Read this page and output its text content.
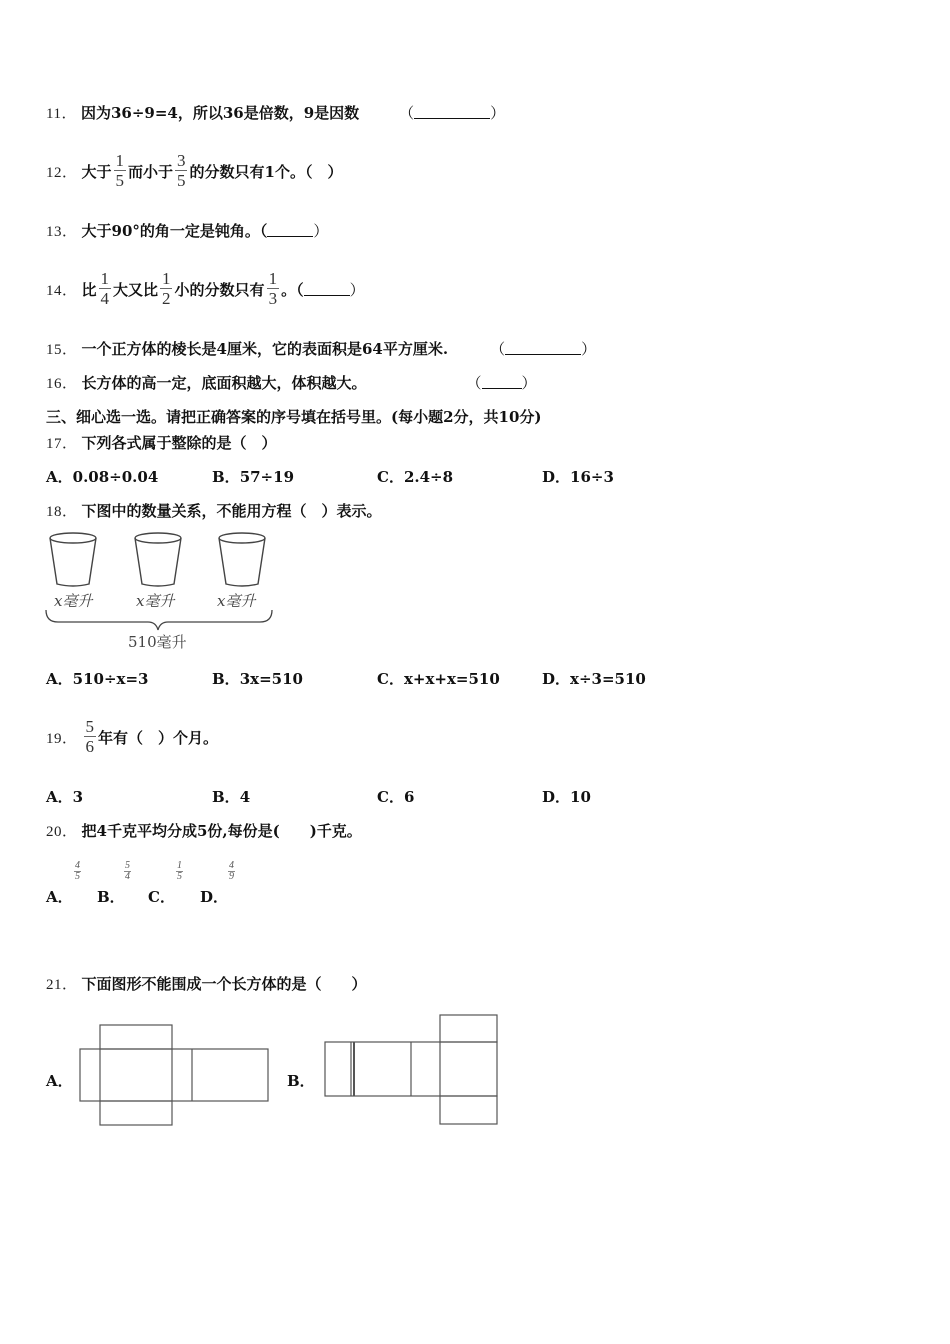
11． 因为36÷9=4，所以36是倍数，9是因数	（	）
12． 大于 $\frac{1}{5}$ 而小于 $\frac{3}{5}$ 的分数只有1个。（　）
13． 大于90°的角一定是钝角。（	）
14． 比 $\frac{1}{4}$ 大又比 $\frac{1}{2}$ 小的分数只有 $\frac{1}{3}$ 。（	）
15． 一个正方体的棱长是4厘米，它的表面积是64平方厘米.	（	）
16． 长方体的高一定，底面积越大，体积越大。	（	）
三、细心选一选。请把正确答案的序号填在括号里。(每小题2分，共10分)
17． 下列各式属于整除的是（　）
A．0.08÷0.04	B．57÷19	C．2.4÷8	D．16÷3
18． 下图中的数量关系，不能用方程（　）表示。
x毫升	x毫升	x毫升
510毫升
A．510÷x=3	B．3x=510	C．x+x+x=510	D．x÷3=510
19． $\frac{5}{6}$ 年有（　）个月。
A．3	B．4	C．6	D．10
20． 把4千克平均分成5份,每份是(　　)千克。
A．
4
5
B．
5
4
C．
1
5
D．
4
9
21． 下面图形不能围成一个长方体的是（　　）
A．	B．
